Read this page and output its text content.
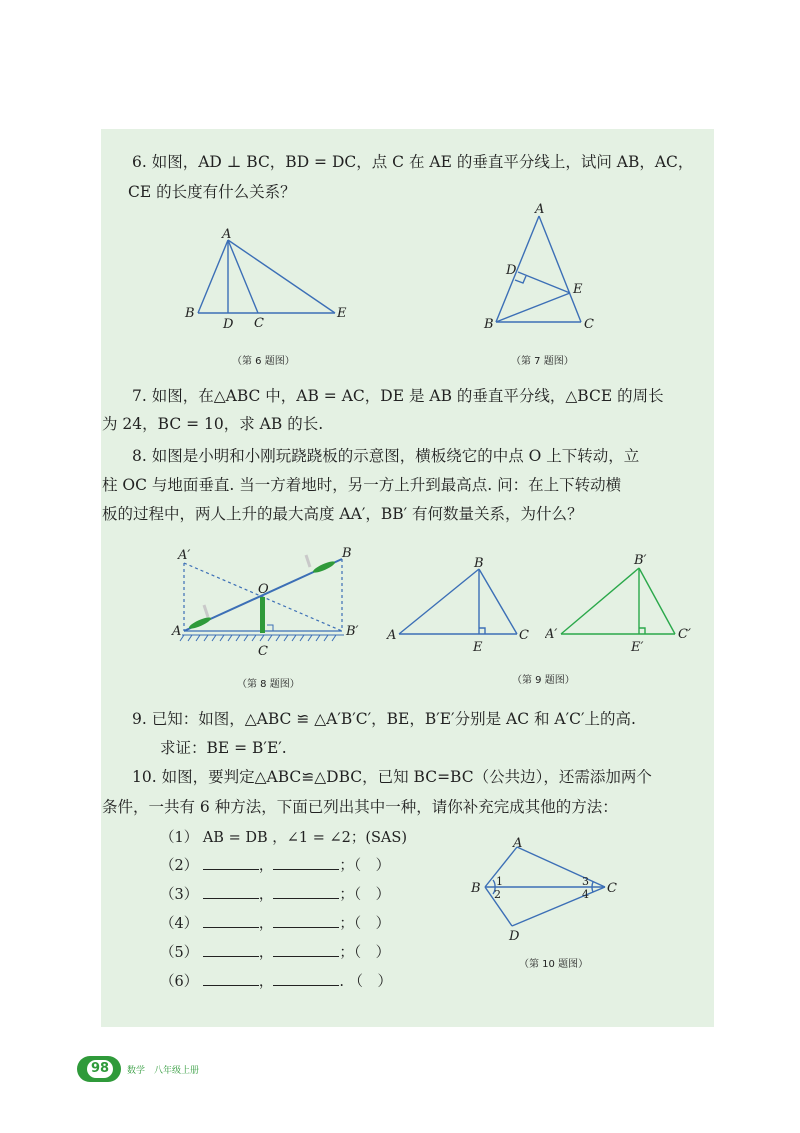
6. 如图，AD ⊥ BC，BD = DC，点 C 在 AE 的垂直平分线上，试问 AB，AC，
CE 的长度有什么关系？
A
B
D C
E
（第 6 题图）
A
D
E
B	C
（第 7 题图）
7. 如图，在△ABC 中，AB = AC，DE 是 AB 的垂直平分线，△BCE 的周长
为 24，BC = 10，求 AB 的长.
8. 如图是小明和小刚玩跷跷板的示意图，横板绕它的中点 O 上下转动，立
柱 OC 与地面垂直. 当一方着地时，另一方上升到最高点. 问：在上下转动横
板的过程中，两人上升的最大高度 AA′，BB′ 有何数量关系，为什么？
A′	B
O
A	B′
C
（第 8 题图）
B
A	C
E
B′
A′	C′
E′
（第 9 题图）
9. 已知：如图，△ABC ≌ △A′B′C′，BE，B′E′分别是 AC 和 A′C′上的高.
求证：BE = B′E′.
10. 如图，要判定△ABC≌△DBC，已知 BC=BC（公共边），还需添加两个
条件，一共有 6 种方法，下面已列出其中一种，请你补充完成其他的方法：
（1） AB = DB ，∠1 = ∠2；(SAS)
（2）	，	；（　）
（3）	，	；（　）
（4）	，	；（　）
（5）	，	；（　）
（6）	，	. （　）
A
B	C
D
1
2
3
4
（第 10 题图）
98	数学　八年级上册
